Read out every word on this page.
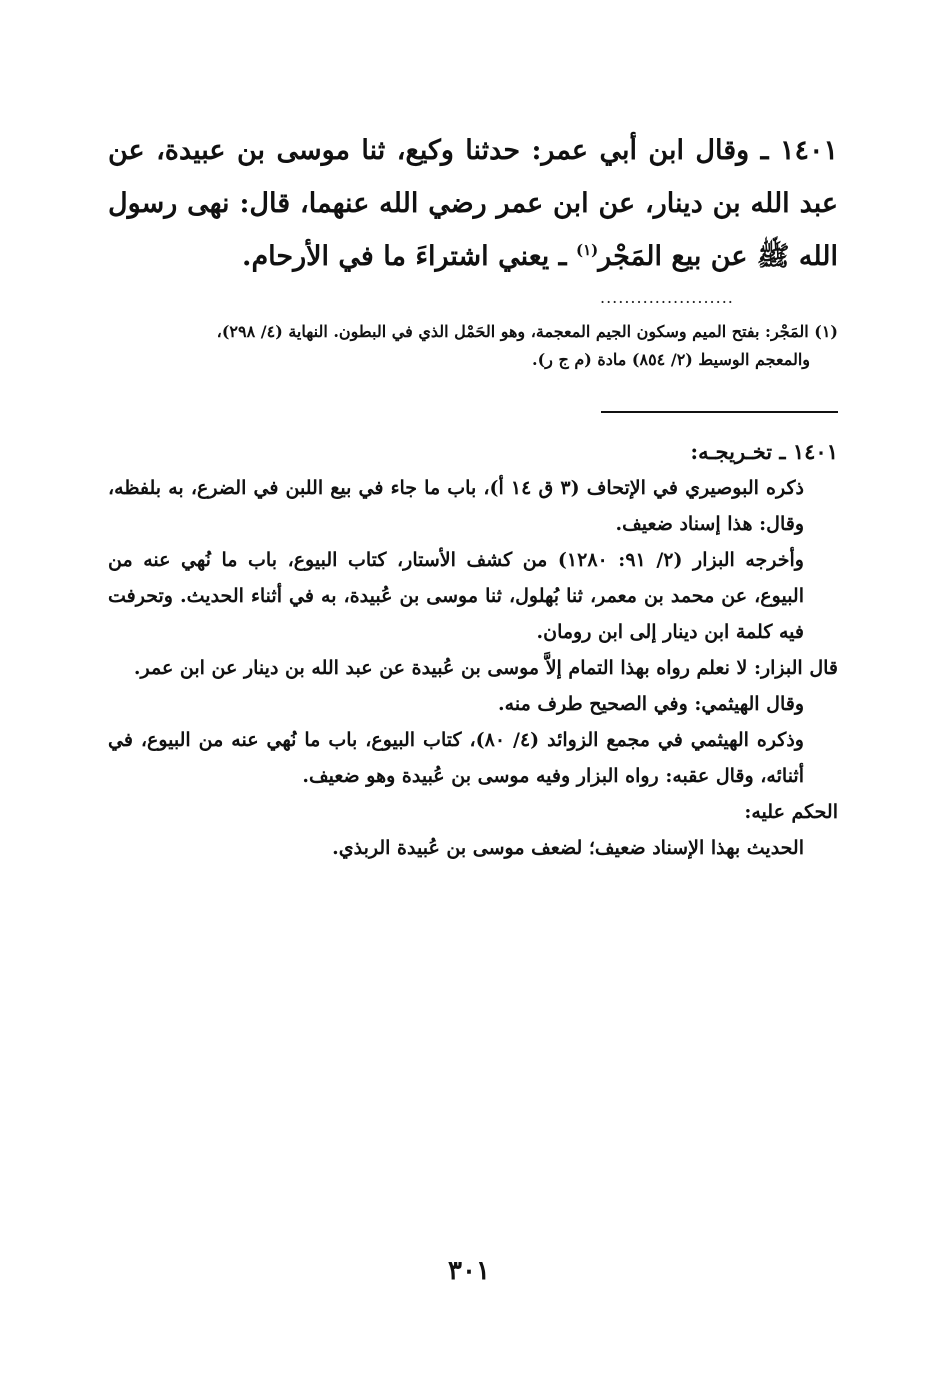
١٤٠١ ـ وقال ابن أبي عمر: حدثنا وكيع، ثنا موسى بن عبيدة، عن عبد الله بن دينار، عن ابن عمر رضي الله عنهما، قال: نهى رسول الله ﷺ عن بيع المَجْر$^{(١)}$ ـ يعني اشتراءَ ما في الأرحام.
......................
(١) المَجْر: بفتح الميم وسكون الجيم المعجمة، وهو الحَمْل الذي في البطون. النهاية (٤/ ٢٩٨)،
والمعجم الوسيط (٢/ ٨٥٤) مادة (م ج ر).

١٤٠١ ـ تخـريجـه:

ذكره البوصيري في الإتحاف (٣ ق ١٤ أ)، باب ما جاء في بيع اللبن في الضرع، به بلفظه، وقال: هذا إسناد ضعيف.

وأخرجه البزار (٢/ ٩١: ١٢٨٠) من كشف الأستار، كتاب البيوع، باب ما نُهي عنه من البيوع، عن محمد بن معمر، ثنا بُهلول، ثنا موسى بن عُبيدة، به في أثناء الحديث. وتحرفت فيه كلمة ابن دينار إلى ابن رومان.

قال البزار: لا نعلم رواه بهذا التمام إلاَّ موسى بن عُبيدة عن عبد الله بن دينار عن ابن عمر.

وقال الهيثمي: وفي الصحيح طرف منه.

وذكره الهيثمي في مجمع الزوائد (٤/ ٨٠)، كتاب البيوع، باب ما نُهي عنه من البيوع، في أثنائه، وقال عقبه: رواه البزار وفيه موسى بن عُبيدة وهو ضعيف.

الحكم عليه:

الحديث بهذا الإسناد ضعيف؛ لضعف موسى بن عُبيدة الربذي.

٣٠١
